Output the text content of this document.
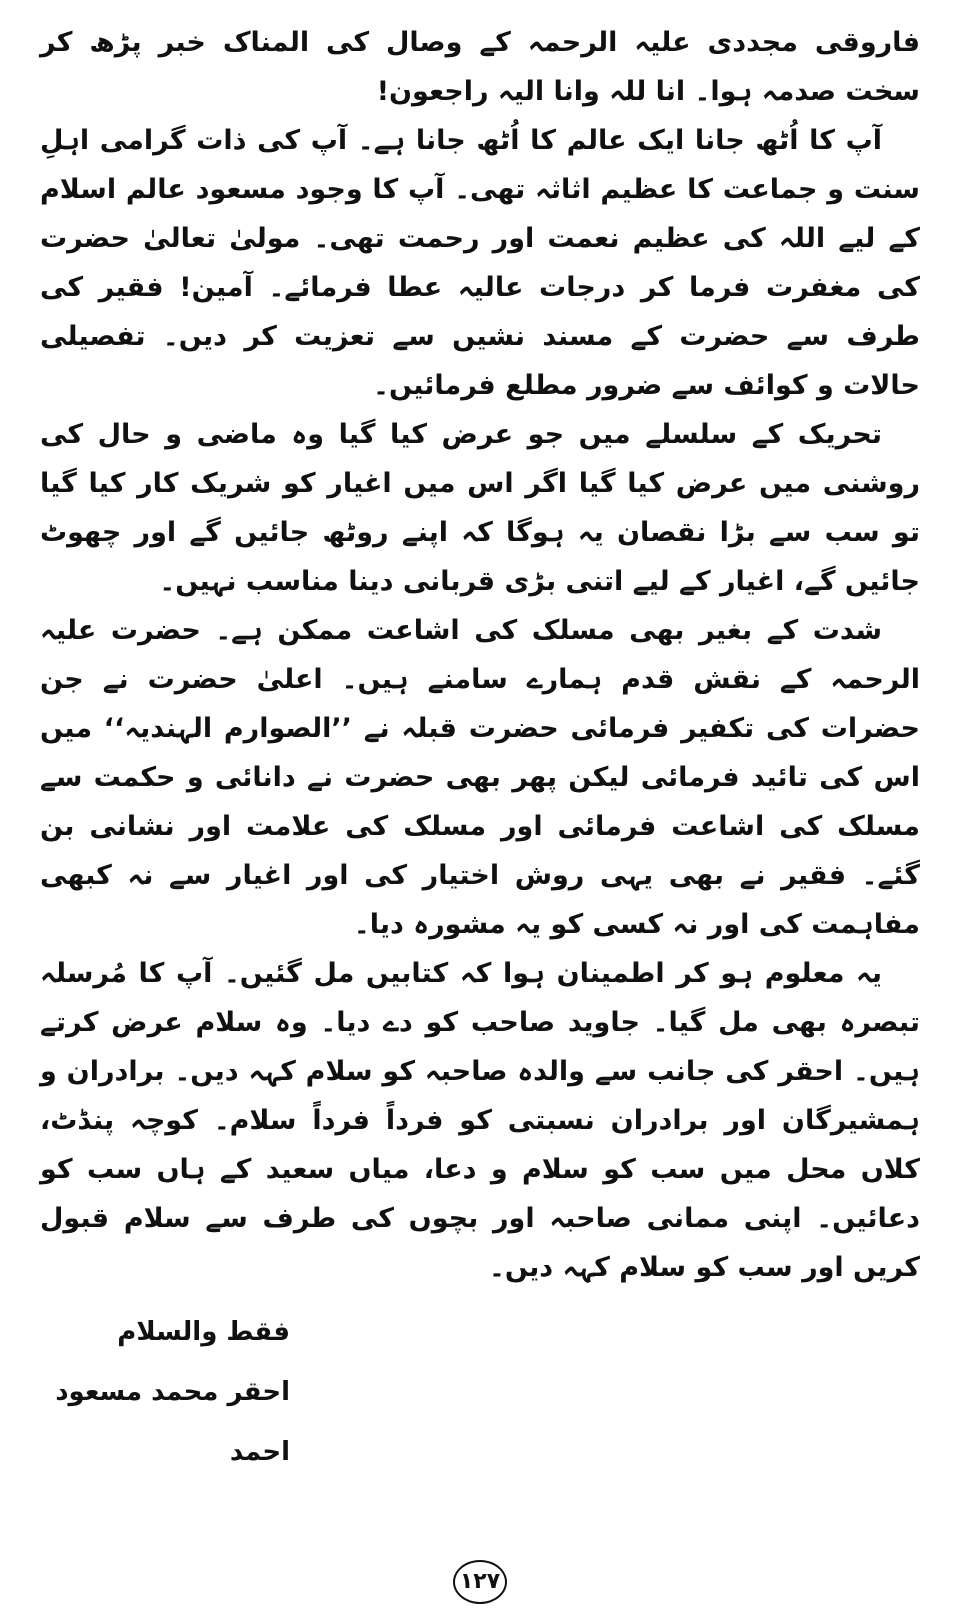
فاروقی مجددی علیہ الرحمہ کے وصال کی المناک خبر پڑھ کر سخت صدمہ ہوا۔ انا للہ وانا الیہ راجعون!

آپ کا اُٹھ جانا ایک عالم کا اُٹھ جانا ہے۔ آپ کی ذات گرامی اہلِ سنت و جماعت کا عظیم اثاثہ تھی۔ آپ کا وجود مسعود عالم اسلام کے لیے اللہ کی عظیم نعمت اور رحمت تھی۔ مولیٰ تعالیٰ حضرت کی مغفرت فرما کر درجات عالیہ عطا فرمائے۔ آمین! فقیر کی طرف سے حضرت کے مسند نشیں سے تعزیت کر دیں۔ تفصیلی حالات و کوائف سے ضرور مطلع فرمائیں۔

تحریک کے سلسلے میں جو عرض کیا گیا وہ ماضی و حال کی روشنی میں عرض کیا گیا اگر اس میں اغیار کو شریک کار کیا گیا تو سب سے بڑا نقصان یہ ہوگا کہ اپنے روٹھ جائیں گے اور چھوٹ جائیں گے، اغیار کے لیے اتنی بڑی قربانی دینا مناسب نہیں۔

شدت کے بغیر بھی مسلک کی اشاعت ممکن ہے۔ حضرت علیہ الرحمہ کے نقش قدم ہمارے سامنے ہیں۔ اعلیٰ حضرت نے جن حضرات کی تکفیر فرمائی حضرت قبلہ نے ’’الصوارم الہندیہ‘‘ میں اس کی تائید فرمائی لیکن پھر بھی حضرت نے دانائی و حکمت سے مسلک کی اشاعت فرمائی اور مسلک کی علامت اور نشانی بن گئے۔ فقیر نے بھی یہی روش اختیار کی اور اغیار سے نہ کبھی مفاہمت کی اور نہ کسی کو یہ مشورہ دیا۔

یہ معلوم ہو کر اطمینان ہوا کہ کتابیں مل گئیں۔ آپ کا مُرسلہ تبصرہ بھی مل گیا۔ جاوید صاحب کو دے دیا۔ وہ سلام عرض کرتے ہیں۔ احقر کی جانب سے والدہ صاحبہ کو سلام کہہ دیں۔ برادران و ہمشیرگان اور برادران نسبتی کو فرداً فرداً سلام۔ کوچہ پنڈٹ، کلاں محل میں سب کو سلام و دعا، میاں سعید کے ہاں سب کو دعائیں۔ اپنی ممانی صاحبہ اور بچوں کی طرف سے سلام قبول کریں اور سب کو سلام کہہ دیں۔

فقط والسلام
احقر محمد مسعود احمد
۱۲۷
